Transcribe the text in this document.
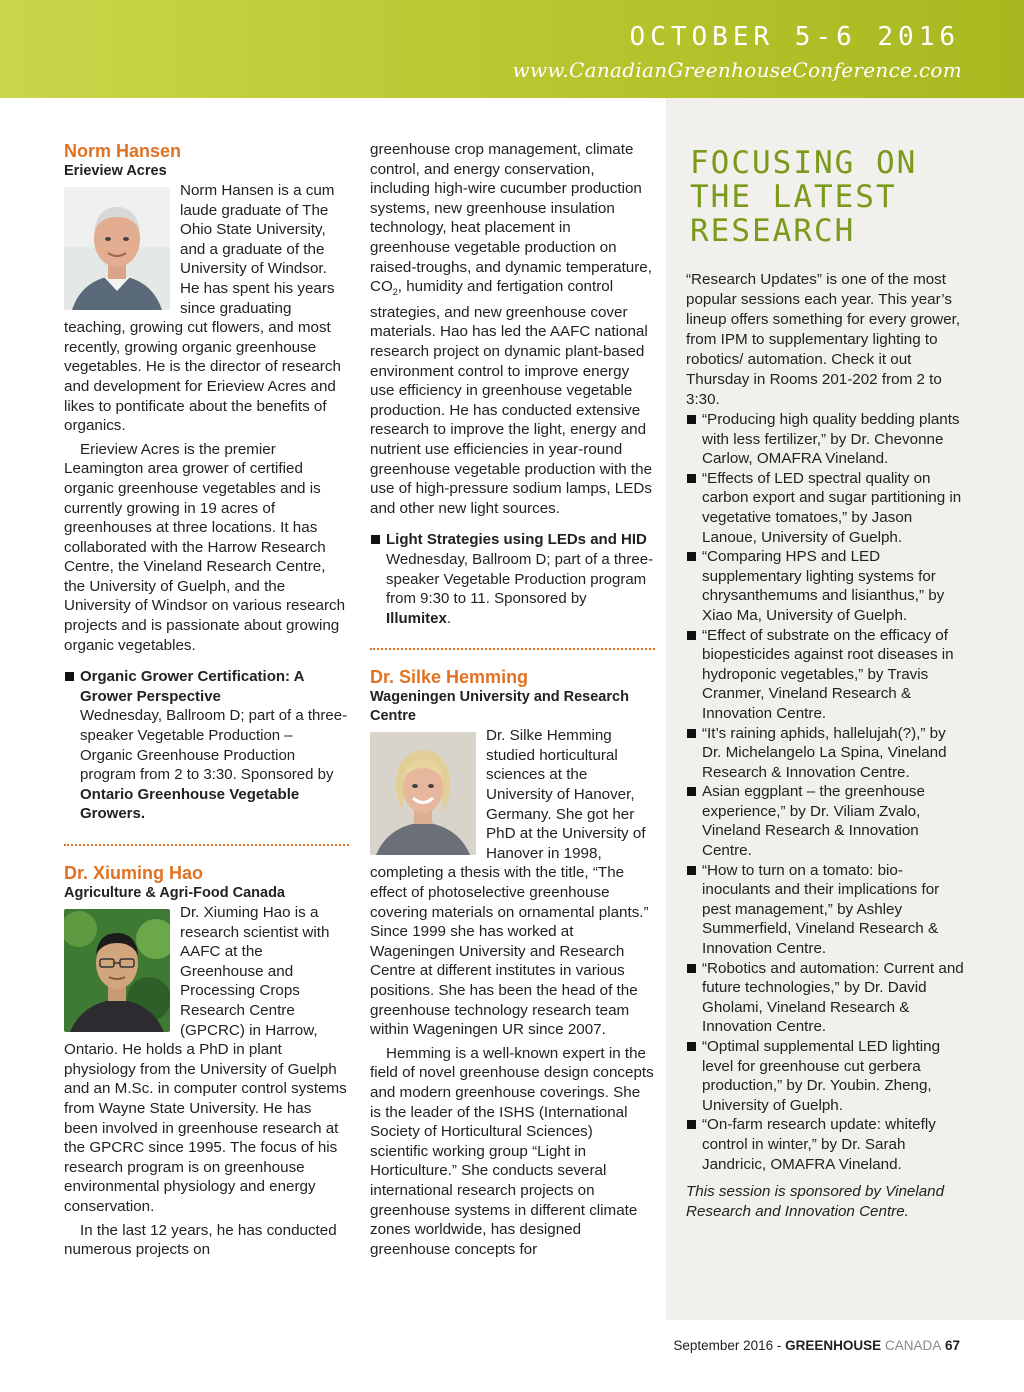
OCTOBER 5-6 2016
www.CanadianGreenhouseConference.com
Norm Hansen
Erieview Acres

Norm Hansen is a cum laude graduate of The Ohio State University, and a graduate of the University of Windsor. He has spent his years since graduating teaching, growing cut flowers, and most recently, growing organic greenhouse vegetables. He is the director of research and development for Erieview Acres and likes to pontificate about the benefits of organics.

Erieview Acres is the premier Leamington area grower of certified organic greenhouse vegetables and is currently growing in 19 acres of greenhouses at three locations. It has collaborated with the Harrow Research Centre, the Vineland Research Centre, the University of Guelph, and the University of Windsor on various research projects and is passionate about growing organic vegetables.

Organic Grower Certification: A Grower Perspective
Wednesday, Ballroom D; part of a three-speaker Vegetable Production – Organic Greenhouse Production program from 2 to 3:30. Sponsored by Ontario Greenhouse Vegetable Growers.
Dr. Xiuming Hao
Agriculture & Agri-Food Canada

Dr. Xiuming Hao is a research scientist with AAFC at the Greenhouse and Processing Crops Research Centre (GPCRC) in Harrow, Ontario. He holds a PhD in plant physiology from the University of Guelph and an M.Sc. in computer control systems from Wayne State University. He has been involved in greenhouse research at the GPCRC since 1995. The focus of his research program is on greenhouse environmental physiology and energy conservation.

In the last 12 years, he has conducted numerous projects on

greenhouse crop management, climate control, and energy conservation, including high-wire cucumber production systems, new greenhouse insulation technology, heat placement in greenhouse vegetable production on raised-troughs, and dynamic temperature, $CO_2$, humidity and fertigation control strategies, and new greenhouse cover materials. Hao has led the AAFC national research project on dynamic plant-based environment control to improve energy use efficiency in greenhouse vegetable production. He has conducted extensive research to improve the light, energy and nutrient use efficiencies in year-round greenhouse vegetable production with the use of high-pressure sodium lamps, LEDs and other new light sources.

Light Strategies using LEDs and HID
Wednesday, Ballroom D; part of a three-speaker Vegetable Production program from 9:30 to 11. Sponsored by Illumitex.
Dr. Silke Hemming
Wageningen University and Research Centre

Dr. Silke Hemming studied horticultural sciences at the University of Hanover, Germany. She got her PhD at the University of Hanover in 1998, completing a thesis with the title, “The effect of photoselective greenhouse covering materials on ornamental plants.” Since 1999 she has worked at Wageningen University and Research Centre at different institutes in various positions. She has been the head of the greenhouse technology research team within Wageningen UR since 2007.

Hemming is a well-known expert in the field of novel greenhouse design concepts and modern greenhouse coverings. She is the leader of the ISHS (International Society of Horticultural Sciences) scientific working group “Light in Horticulture.” She conducts several international research projects on greenhouse systems in different climate zones worldwide, has designed greenhouse concepts for

FOCUSING ON THE LATEST RESEARCH

“Research Updates” is one of the most popular sessions each year. This year’s lineup offers something for every grower, from IPM to supplementary lighting to robotics/ automation. Check it out Thursday in Rooms 201-202 from 2 to 3:30.

“Producing high quality bedding plants with less fertilizer,” by Dr. Chevonne Carlow, OMAFRA Vineland.
“Effects of LED spectral quality on carbon export and sugar partitioning in vegetative tomatoes,” by Jason Lanoue, University of Guelph.
“Comparing HPS and LED supplementary lighting systems for chrysanthemums and lisianthus,” by Xiao Ma, University of Guelph.
“Effect of substrate on the efficacy of biopesticides against root diseases in hydroponic vegetables,” by Travis Cranmer, Vineland Research & Innovation Centre.
“It’s raining aphids, hallelujah(?),” by Dr. Michelangelo La Spina, Vineland Research & Innovation Centre.
Asian eggplant – the greenhouse experience,” by Dr. Viliam Zvalo, Vineland Research & Innovation Centre.
“How to turn on a tomato: bio-inoculants and their implications for pest management,” by Ashley Summerfield, Vineland Research & Innovation Centre.
“Robotics and automation: Current and future technologies,” by Dr. David Gholami, Vineland Research & Innovation Centre.
“Optimal supplemental LED lighting level for greenhouse cut gerbera production,” by Dr. Youbin. Zheng, University of Guelph.
“On-farm research update: whitefly control in winter,” by Dr. Sarah Jandricic, OMAFRA Vineland.

This session is sponsored by Vineland Research and Innovation Centre.

September 2016 - GREENHOUSE CANADA 67
